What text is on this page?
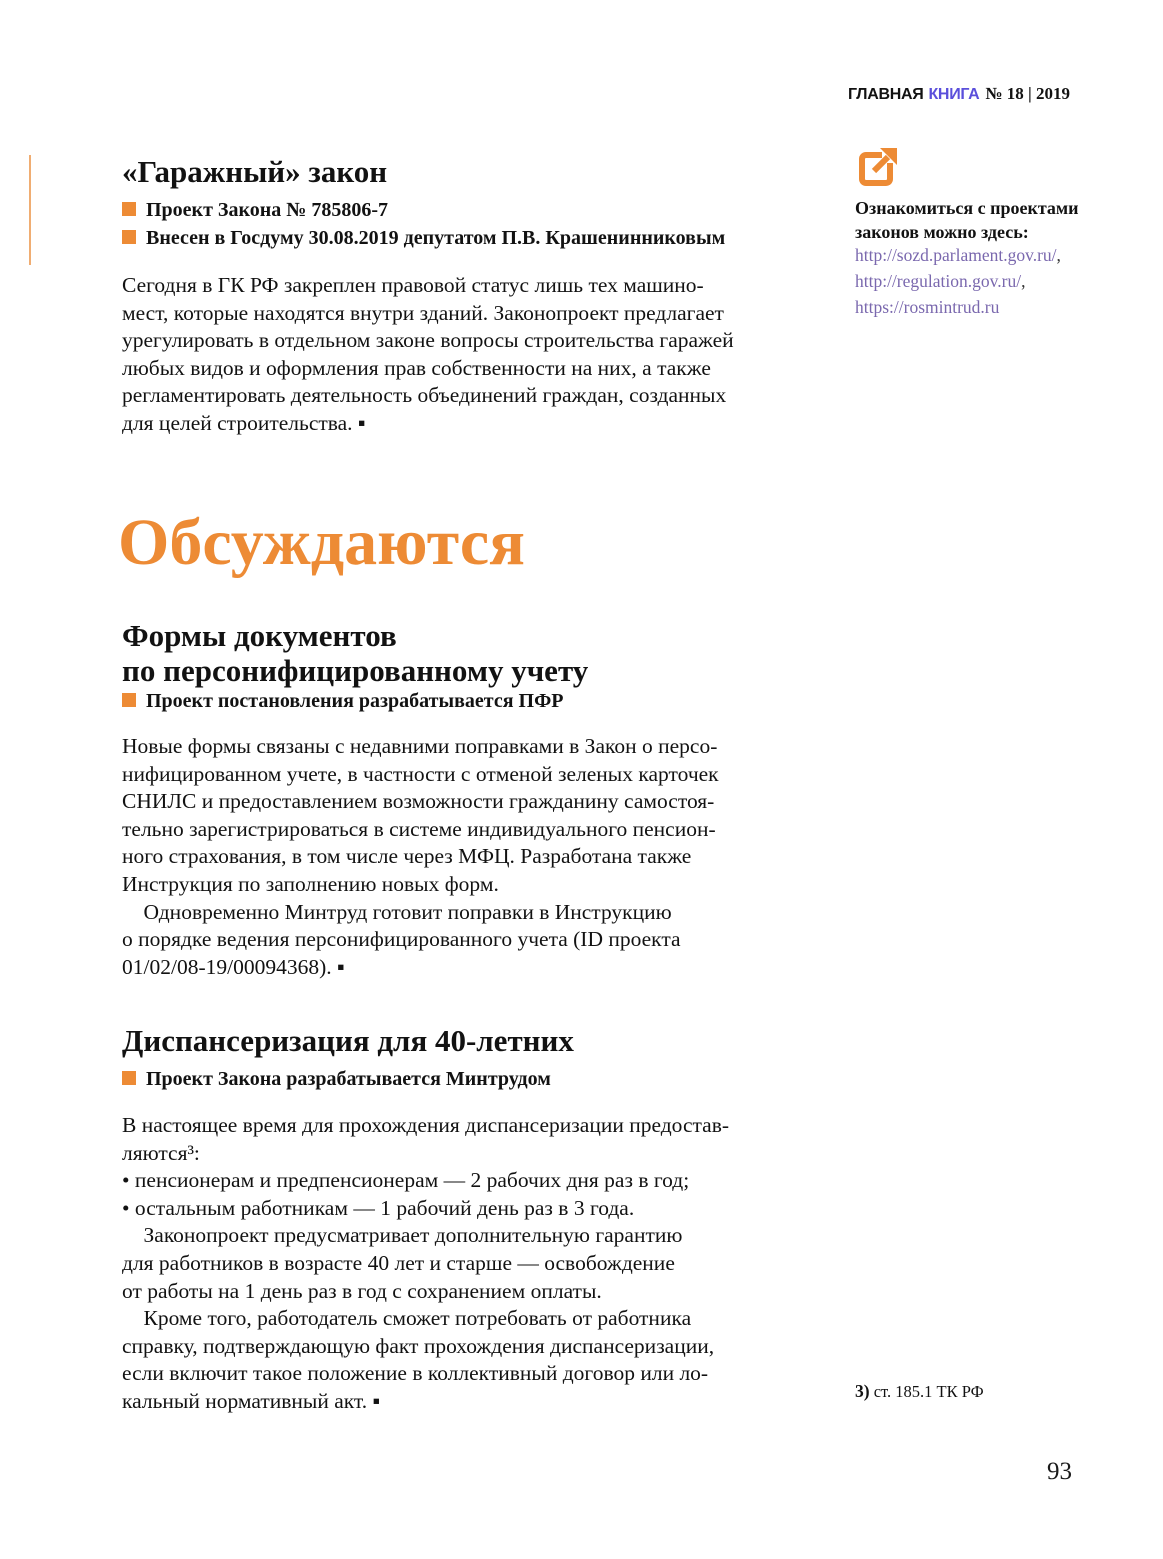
ГЛАВНАЯ КНИГА № 18 | 2019
«Гаражный» закон
Проект Закона № 785806-7
Внесен в Госдуму 30.08.2019 депутатом П.В. Крашенинниковым
Сегодня в ГК РФ закреплен правовой статус лишь тех машино-
мест, которые находятся внутри зданий. Законопроект предлагает
урегулировать в отдельном законе вопросы строительства гаражей
любых видов и оформления прав собственности на них, а также
регламентировать деятельность объединений граждан, созданных
для целей строительства. ▪
Ознакомиться с проектами
законов можно здесь:
http://sozd.parlament.gov.ru/,
http://regulation.gov.ru/,
https://rosmintrud.ru
Обсуждаются
Формы документов
по персонифицированному учету
Проект постановления разрабатывается ПФР
Новые формы связаны с недавними поправками в Закон о персо-
нифицированном учете, в частности с отменой зеленых карточек
СНИЛС и предоставлением возможности гражданину самостоя-
тельно зарегистрироваться в системе индивидуального пенсион-
ного страхования, в том числе через МФЦ. Разработана также
Инструкция по заполнению новых форм.
Одновременно Минтруд готовит поправки в Инструкцию
о порядке ведения персонифицированного учета (ID проекта
01/02/08-19/00094368). ▪
Диспансеризация для 40-летних
Проект Закона разрабатывается Минтрудом
В настоящее время для прохождения диспансеризации предостав-
ляются³:
• пенсионерам и предпенсионерам — 2 рабочих дня раз в год;
• остальным работникам — 1 рабочий день раз в 3 года.
Законопроект предусматривает дополнительную гарантию
для работников в возрасте 40 лет и старше — освобождение
от работы на 1 день раз в год с сохранением оплаты.
Кроме того, работодатель сможет потребовать от работника
справку, подтверждающую факт прохождения диспансеризации,
если включит такое положение в коллективный договор или ло-
кальный нормативный акт. ▪	3) ст. 185.1 ТК РФ
93
